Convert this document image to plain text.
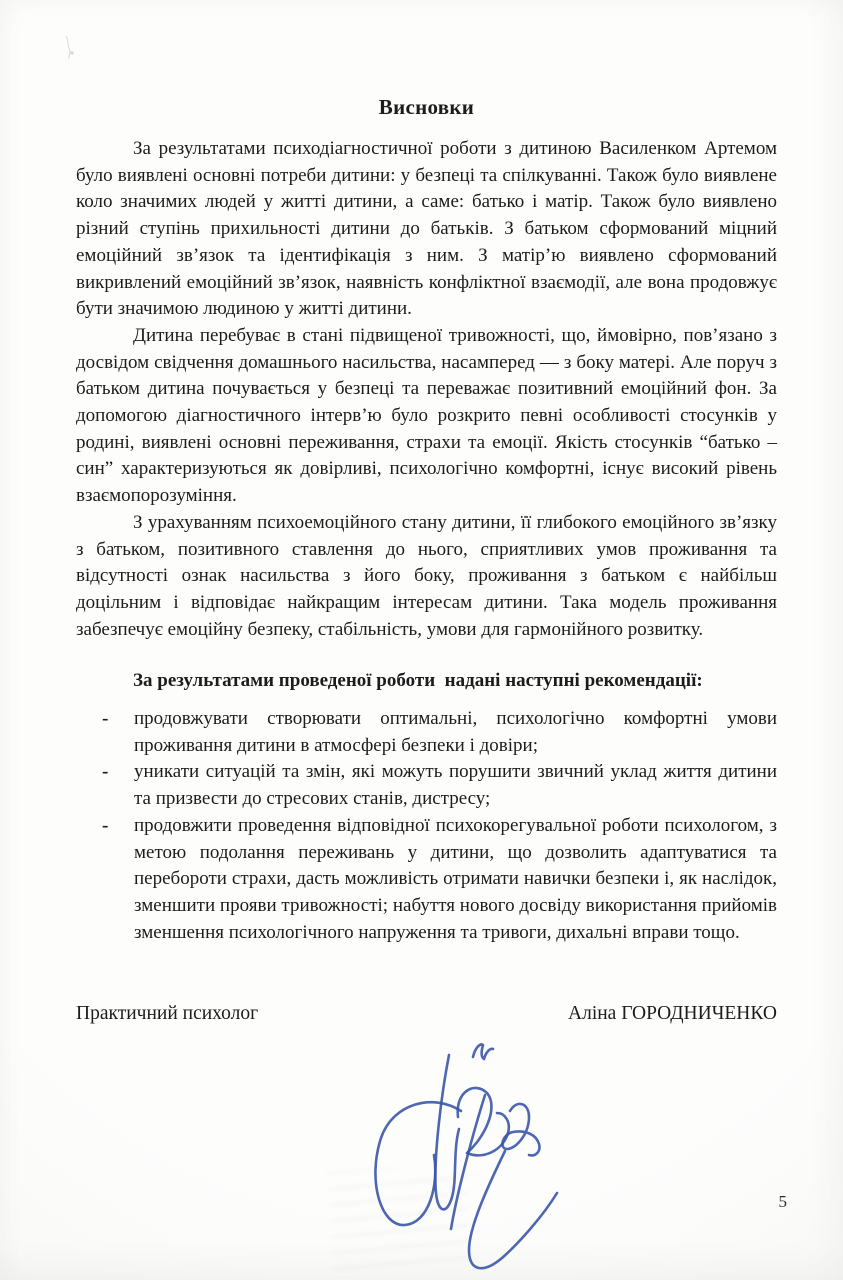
Висновки

За результатами психодіагностичної роботи з дитиною Василенком Артемом було виявлені основні потреби дитини: у безпеці та спілкуванні. Також було виявлене коло значимих людей у житті дитини, а саме: батько і матір. Також було виявлено різний ступінь прихильності дитини до батьків. З батьком сформований міцний емоційний зв’язок та ідентифікація з ним. З матір’ю виявлено сформований викривлений емоційний зв’язок, наявність конфліктної взаємодії, але вона продовжує бути значимою людиною у житті дитини.

Дитина перебуває в стані підвищеної тривожності, що, ймовірно, пов’язано з досвідом свідчення домашнього насильства, насамперед — з боку матері. Але поруч з батьком дитина почувається у безпеці та переважає позитивний емоційний фон. За допомогою діагностичного інтерв’ю було розкрито певні особливості стосунків у родині, виявлені основні переживання, страхи та емоції. Якість стосунків “батько – син” характеризуються як довірливі, психологічно комфортні, існує високий рівень взаємопорозуміння.

З урахуванням психоемоційного стану дитини, її глибокого емоційного зв’язку з батьком, позитивного ставлення до нього, сприятливих умов проживання та відсутності ознак насильства з його боку, проживання з батьком є найбільш доцільним і відповідає найкращим інтересам дитини. Така модель проживання забезпечує емоційну безпеку, стабільність, умови для гармонійного розвитку.

За результатами проведеної роботи  надані наступні рекомендації:

- продовжувати створювати оптимальні, психологічно комфортні умови проживання дитини в атмосфері безпеки і довіри;
- уникати ситуацій та змін, які можуть порушити звичний уклад життя дитини та призвести до стресових станів, дистресу;
- продовжити проведення відповідної психокорегувальної роботи психологом, з метою подолання переживань у дитини, що дозволить адаптуватися та перебороти страхи, дасть можливість отримати навички безпеки і, як наслідок, зменшити прояви тривожності; набуття нового досвіду використання прийомів зменшення психологічного напруження та тривоги, дихальні вправи тощо.
Практичний психолог	Аліна ГОРОДНИЧЕНКО
5
